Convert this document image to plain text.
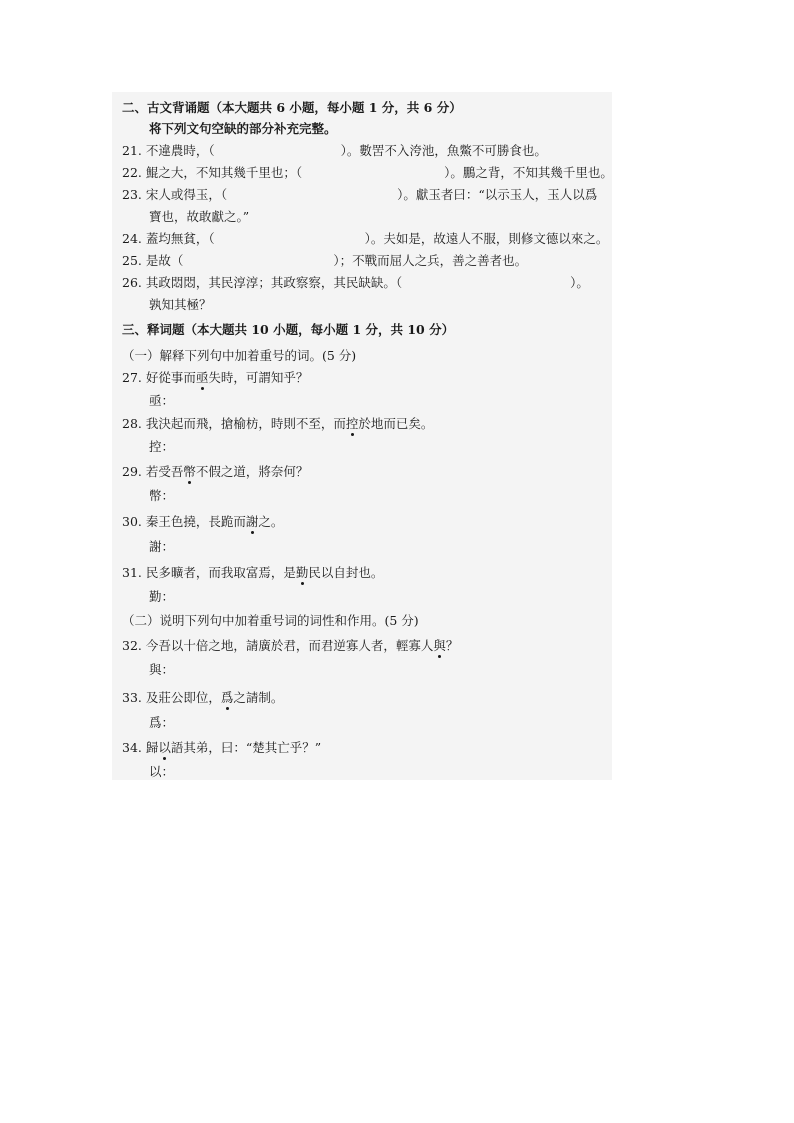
二、古文背诵题（本大题共 6 小题，每小题 1 分，共 6 分）
将下列文句空缺的部分补充完整。
21. 不違農時，（	）。數罟不入洿池，魚鱉不可勝食也。
22. 鯤之大，不知其幾千里也；（	）。鵬之背，不知其幾千里也。
23. 宋人或得玉，（	）。獻玉者曰：“以示玉人，玉人以爲
寶也，故敢獻之。”
24. 蓋均無貧，（	）。夫如是，故遠人不服，則修文德以來之。
25. 是故（	）；不戰而屈人之兵，善之善者也。
26. 其政悶悶，其民淳淳；其政察察，其民缺缺。（	）。
孰知其極？
三、释词题（本大题共 10 小题，每小题 1 分，共 10 分）
（一）解释下列句中加着重号的词。(5 分)
27. 好從事而亟失時，可謂知乎？
亟：
28. 我決起而飛，搶榆枋，時則不至，而控於地而已矣。
控：
29. 若受吾幣不假之道，將奈何？
幣：
30. 秦王色撓，長跪而謝之。
謝：
31. 民多曠者，而我取富焉，是勤民以自封也。
勤：
（二）说明下列句中加着重号词的词性和作用。(5 分)
32. 今吾以十倍之地，請廣於君，而君逆寡人者，輕寡人與？
與：
33. 及莊公即位，爲之請制。
爲：
34. 歸以語其弟，曰：“楚其亡乎？”
以：
